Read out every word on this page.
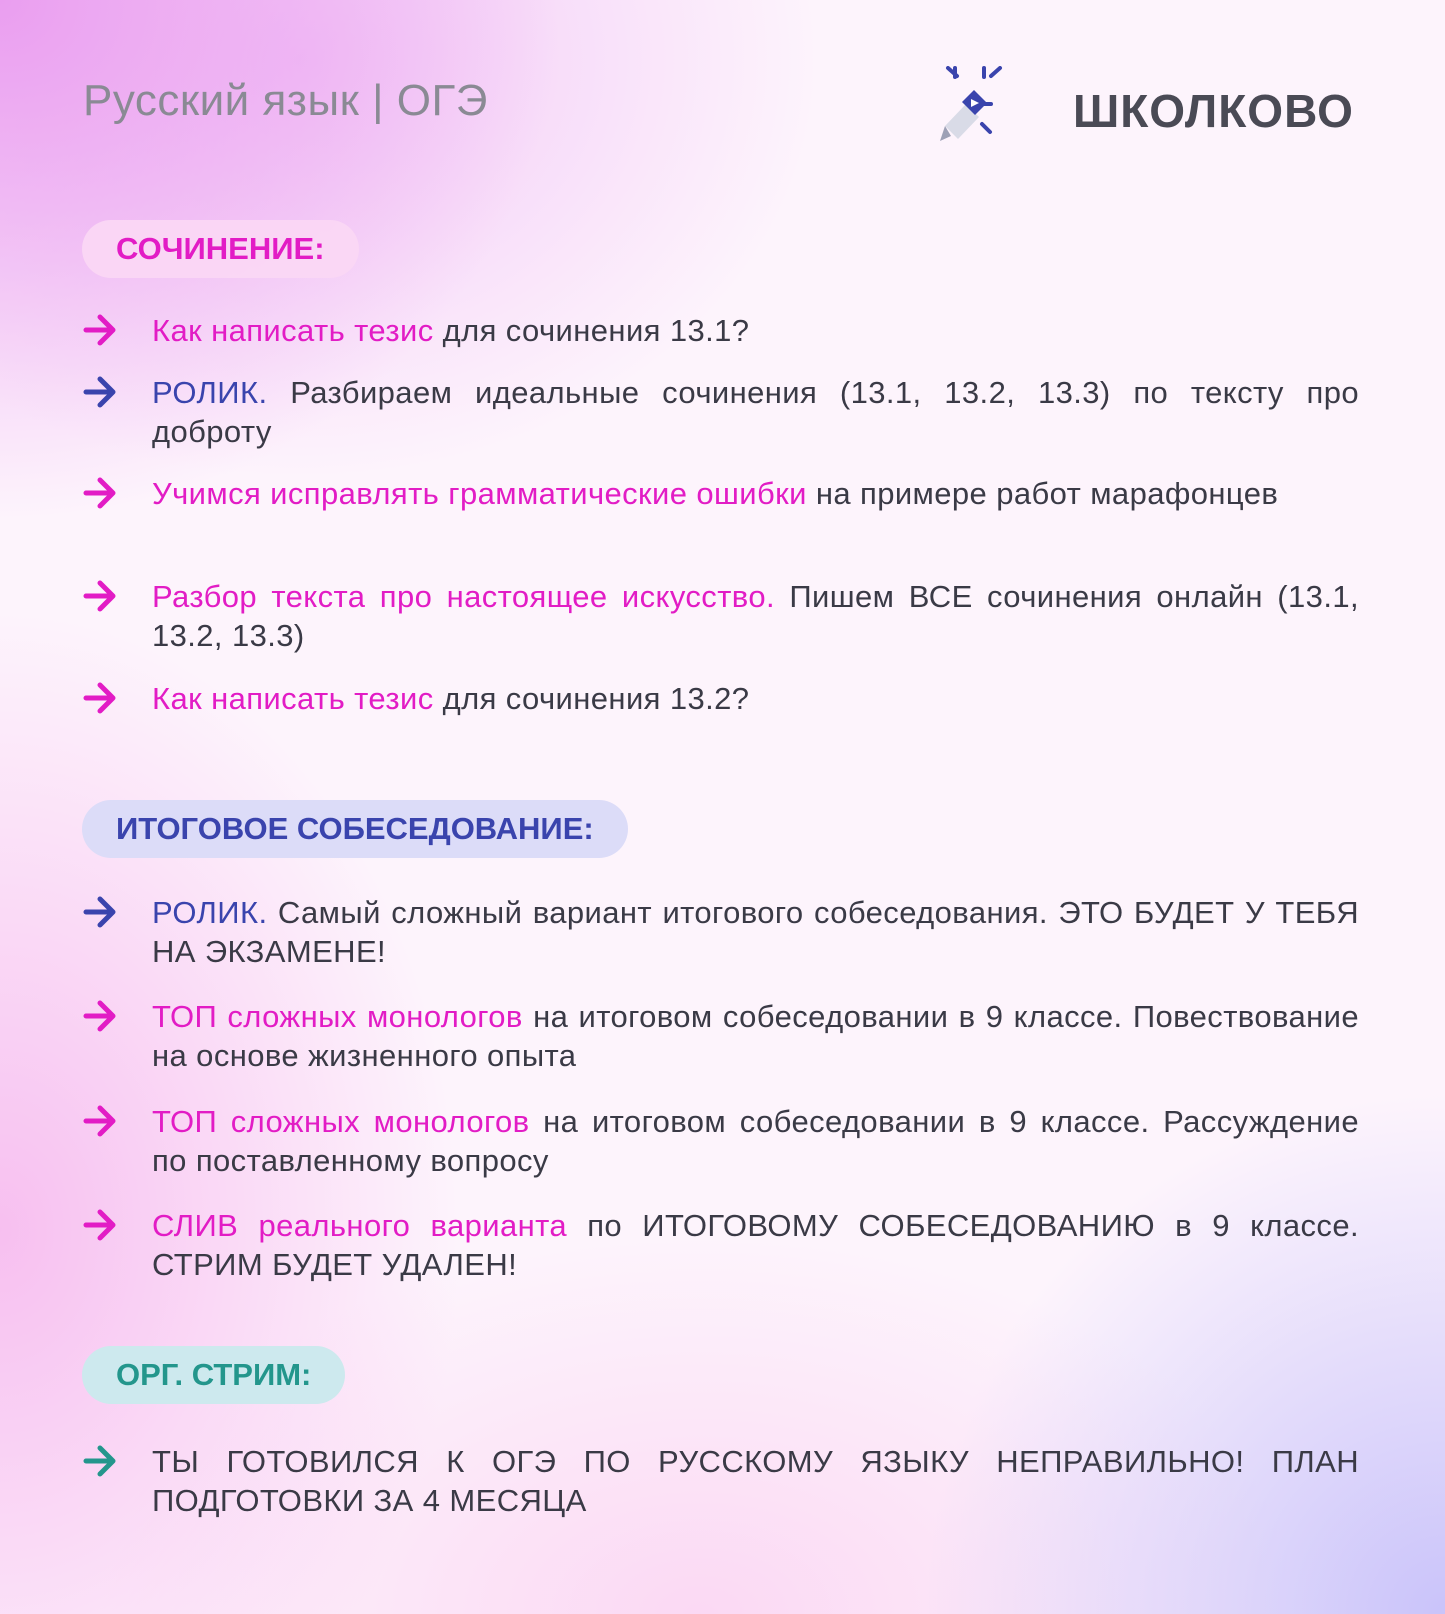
Русский язык | ОГЭ	ШКОЛКОВО
СОЧИНЕНИЕ:
Как написать тезис для сочинения 13.1?
РОЛИК. Разбираем идеальные сочинения (13.1, 13.2, 13.3) по тексту про доброту
Учимся исправлять грамматические ошибки на примере работ марафонцев
Разбор текста про настоящее искусство. Пишем ВСЕ сочинения онлайн (13.1, 13.2, 13.3)
Как написать тезис для сочинения 13.2?
ИТОГОВОЕ СОБЕСЕДОВАНИЕ:
РОЛИК. Самый сложный вариант итогового собеседования. ЭТО БУДЕТ У ТЕБЯ НА ЭКЗАМЕНЕ!
ТОП сложных монологов на итоговом собеседовании в 9 классе. Повествование на основе жизненного опыта
ТОП сложных монологов на итоговом собеседовании в 9 классе. Рассуждение по поставленному вопросу
СЛИВ реального варианта по ИТОГОВОМУ СОБЕСЕДОВАНИЮ в 9 классе. СТРИМ БУДЕТ УДАЛЕН!
ОРГ. СТРИМ:
ТЫ ГОТОВИЛСЯ К ОГЭ ПО РУССКОМУ ЯЗЫКУ НЕПРАВИЛЬНО! ПЛАН ПОДГОТОВКИ ЗА 4 МЕСЯЦА
